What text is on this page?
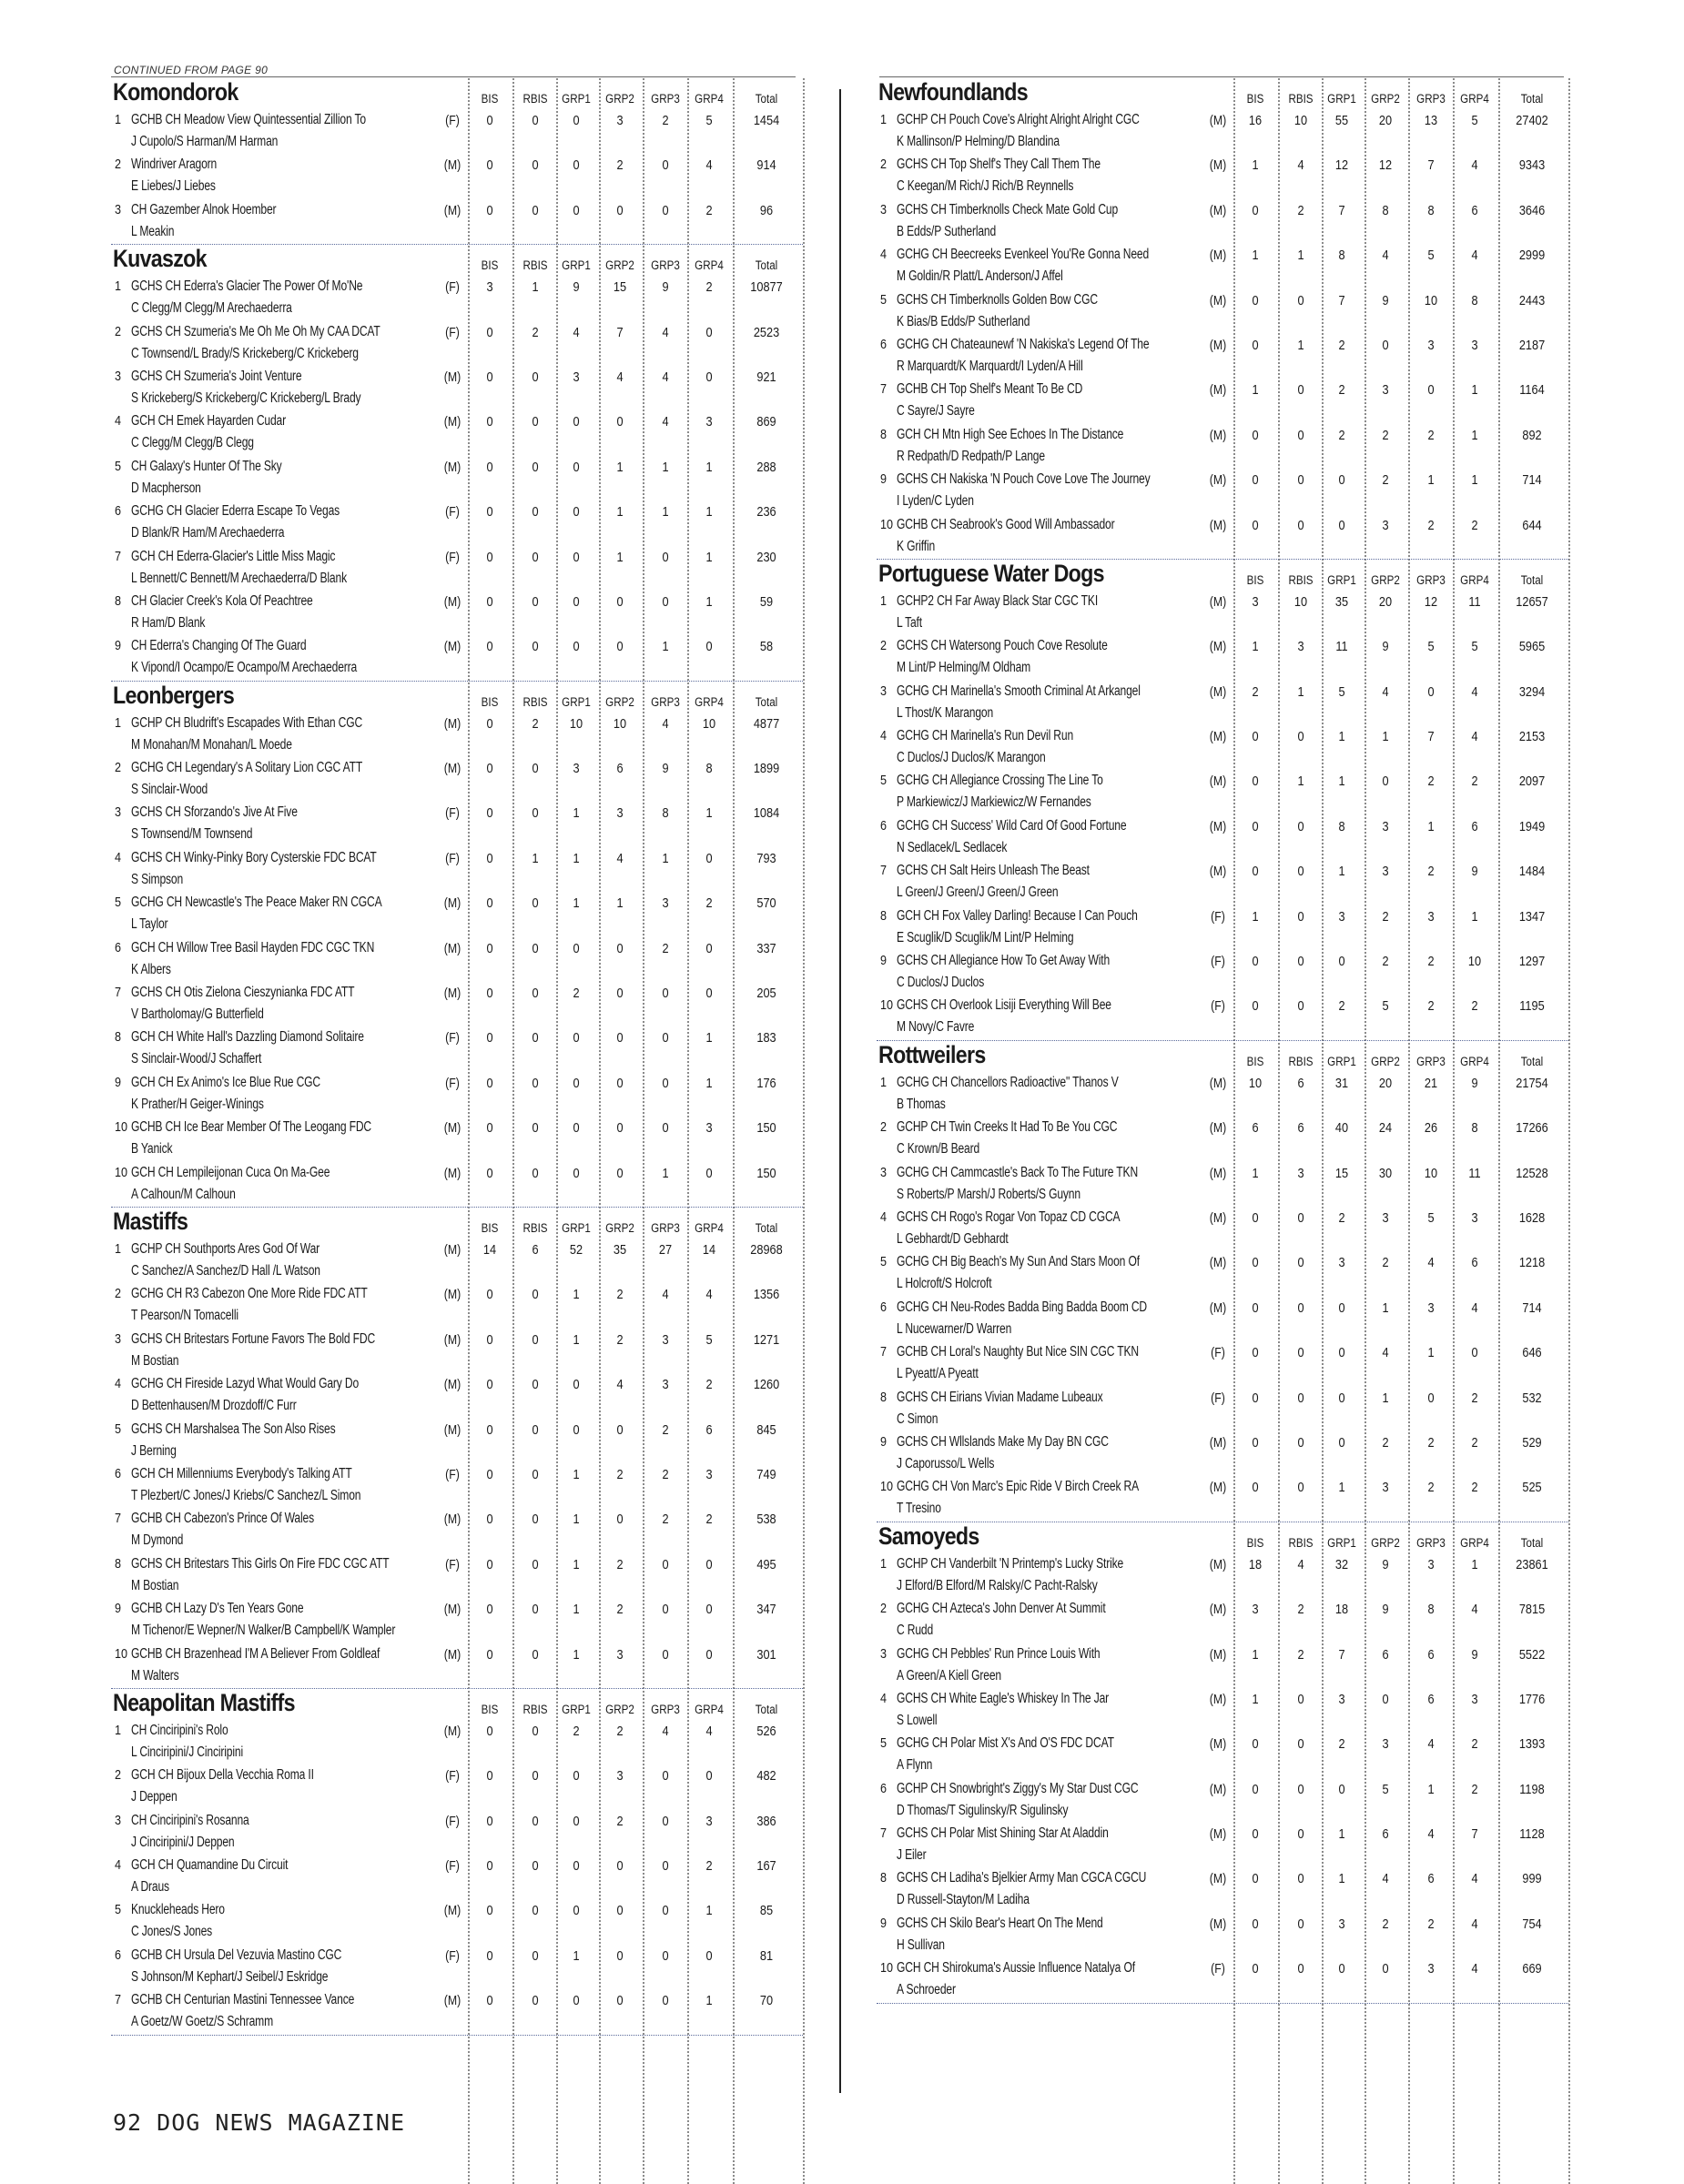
CONTINUED FROM PAGE 90
Komondorok	BIS	RBIS	GRP1	GRP2	GRP3	GRP4	Total
1 GCHB CH Meadow View Quintessential Zillion To
J Cupolo/S Harman/M Harman
(F)	0	0	0	3	2	5	1454
2 Windriver Aragorn
E Liebes/J Liebes
(M)	0	0	0	2	0	4	914
3 CH Gazember Alnok Hoember
L Meakin
(M)	0	0	0	0	0	2	96
Kuvaszok	BIS	RBIS	GRP1	GRP2	GRP3	GRP4	Total
1 GCHS CH Ederra's Glacier The Power Of Mo'Ne
C Clegg/M Clegg/M Arechaederra
(F)	3	1	9	15	9	2	10877
2 GCHS CH Szumeria's Me Oh Me Oh My CAA DCAT
C Townsend/L Brady/S Krickeberg/C Krickeberg
(F)	0	2	4	7	4	0	2523
3 GCHS CH Szumeria's Joint Venture
S Krickeberg/S Krickeberg/C Krickeberg/L Brady
(M)	0	0	3	4	4	0	921
4 GCH CH Emek Hayarden Cudar
C Clegg/M Clegg/B Clegg
(M)	0	0	0	0	4	3	869
5 CH Galaxy's Hunter Of The Sky
D Macpherson
(M)	0	0	0	1	1	1	288
6 GCHG CH Glacier Ederra Escape To Vegas
D Blank/R Ham/M Arechaederra
(F)	0	0	0	1	1	1	236
7 GCH CH Ederra-Glacier's Little Miss Magic
L Bennett/C Bennett/M Arechaederra/D Blank
(F)	0	0	0	1	0	1	230
8 CH Glacier Creek's Kola Of Peachtree
R Ham/D Blank
(M)	0	0	0	0	0	1	59
9 CH Ederra's Changing Of The Guard
K Vipond/I Ocampo/E Ocampo/M Arechaederra
(M)	0	0	0	0	1	0	58
Leonbergers	BIS	RBIS	GRP1	GRP2	GRP3	GRP4	Total
1 GCHP CH Bludrift's Escapades With Ethan CGC
M Monahan/M Monahan/L Moede
(M)	0	2	10	10	4	10	4877
2 GCHG CH Legendary's A Solitary Lion CGC ATT
S Sinclair-Wood
(M)	0	0	3	6	9	8	1899
3 GCHS CH Sforzando's Jive At Five
S Townsend/M Townsend
(F)	0	0	1	3	8	1	1084
4 GCHS CH Winky-Pinky Bory Cysterskie FDC BCAT
S Simpson
(F)	0	1	1	4	1	0	793
5 GCHG CH Newcastle's The Peace Maker RN CGCA
L Taylor
(M)	0	0	1	1	3	2	570
6 GCH CH Willow Tree Basil Hayden FDC CGC TKN
K Albers
(M)	0	0	0	0	2	0	337
7 GCHS CH Otis Zielona Cieszynianka FDC ATT
V Bartholomay/G Butterfield
(M)	0	0	2	0	0	0	205
8 GCH CH White Hall's Dazzling Diamond Solitaire
S Sinclair-Wood/J Schaffert
(F)	0	0	0	0	0	1	183
9 GCH CH Ex Animo's Ice Blue Rue CGC
K Prather/H Geiger-Winings
(F)	0	0	0	0	0	1	176
10 GCHB CH Ice Bear Member Of The Leogang FDC
B Yanick
(M)	0	0	0	0	0	3	150
10 GCH CH Lempileijonan Cuca On Ma-Gee
A Calhoun/M Calhoun
(M)	0	0	0	0	1	0	150
Mastiffs	BIS	RBIS	GRP1	GRP2	GRP3	GRP4	Total
1 GCHP CH Southports Ares God Of War
C Sanchez/A Sanchez/D Hall /L Watson
(M)	14	6	52	35	27	14	28968
2 GCHG CH R3 Cabezon One More Ride FDC ATT
T Pearson/N Tomacelli
(M)	0	0	1	2	4	4	1356
3 GCHS CH Britestars Fortune Favors The Bold FDC
M Bostian
(M)	0	0	1	2	3	5	1271
4 GCHG CH Fireside Lazyd What Would Gary Do
D Bettenhausen/M Drozdoff/C Furr
(M)	0	0	0	4	3	2	1260
5 GCHS CH Marshalsea The Son Also Rises
J Berning
(M)	0	0	0	0	2	6	845
6 GCH CH Millenniums Everybody's Talking ATT
T Plezbert/C Jones/J Kriebs/C Sanchez/L Simon
(F)	0	0	1	2	2	3	749
7 GCHB CH Cabezon's Prince Of Wales
M Dymond
(M)	0	0	1	0	2	2	538
8 GCHS CH Britestars This Girls On Fire FDC CGC ATT
M Bostian
(F)	0	0	1	2	0	0	495
9 GCHB CH Lazy D's Ten Years Gone
M Tichenor/E Wepner/N Walker/B Campbell/K Wampler
(M)	0	0	1	2	0	0	347
10 GCHB CH Brazenhead I'M A Believer From Goldleaf
M Walters
(M)	0	0	1	3	0	0	301
Neapolitan Mastiffs	BIS	RBIS	GRP1	GRP2	GRP3	GRP4	Total
1 CH Cinciripini's Rolo
L Cinciripini/J Cinciripini
(M)	0	0	2	2	4	4	526
2 GCH CH Bijoux Della Vecchia Roma II
J Deppen
(F)	0	0	0	3	0	0	482
3 CH Cinciripini's Rosanna
J Cinciripini/J Deppen
(F)	0	0	0	2	0	3	386
4 GCH CH Quamandine Du Circuit
A Draus
(F)	0	0	0	0	0	2	167
5 Knuckleheads Hero
C Jones/S Jones
(M)	0	0	0	0	0	1	85
6 GCHB CH Ursula Del Vezuvia Mastino CGC
S Johnson/M Kephart/J Seibel/J Eskridge
(F)	0	0	1	0	0	0	81
7 GCHB CH Centurian Mastini Tennessee Vance
A Goetz/W Goetz/S Schramm
(M)	0	0	0	0	0	1	70
Newfoundlands	BIS	RBIS	GRP1	GRP2	GRP3	GRP4	Total
1 GCHP CH Pouch Cove's Alright Alright Alright CGC
K Mallinson/P Helming/D Blandina
(M)	16	10	55	20	13	5	27402
2 GCHS CH Top Shelf's They Call Them The
C Keegan/M Rich/J Rich/B Reynnells
(M)	1	4	12	12	7	4	9343
3 GCHS CH Timberknolls Check Mate Gold Cup
B Edds/P Sutherland
(M)	0	2	7	8	8	6	3646
4 GCHG CH Beecreeks Evenkeel You'Re Gonna Need
M Goldin/R Platt/L Anderson/J Affel
(M)	1	1	8	4	5	4	2999
5 GCHS CH Timberknolls Golden Bow CGC
K Bias/B Edds/P Sutherland
(M)	0	0	7	9	10	8	2443
6 GCHG CH Chateaunewf 'N Nakiska's Legend Of The
R Marquardt/K Marquardt/I Lyden/A Hill
(M)	0	1	2	0	3	3	2187
7 GCHB CH Top Shelf's Meant To Be CD
C Sayre/J Sayre
(M)	1	0	2	3	0	1	1164
8 GCH CH Mtn High See Echoes In The Distance
R Redpath/D Redpath/P Lange
(M)	0	0	2	2	2	1	892
9 GCHS CH Nakiska 'N Pouch Cove Love The Journey
I Lyden/C Lyden
(M)	0	0	0	2	1	1	714
10 GCHB CH Seabrook's Good Will Ambassador
K Griffin
(M)	0	0	0	3	2	2	644
Portuguese Water Dogs	BIS	RBIS	GRP1	GRP2	GRP3	GRP4	Total
1 GCHP2 CH Far Away Black Star CGC TKI
L Taft
(M)	3	10	35	20	12	11	12657
2 GCHS CH Watersong Pouch Cove Resolute
M Lint/P Helming/M Oldham
(M)	1	3	11	9	5	5	5965
3 GCHG CH Marinella's Smooth Criminal At Arkangel
L Thost/K Marangon
(M)	2	1	5	4	0	4	3294
4 GCHG CH Marinella's Run Devil Run
C Duclos/J Duclos/K Marangon
(M)	0	0	1	1	7	4	2153
5 GCHG CH Allegiance Crossing The Line To
P Markiewicz/J Markiewicz/W Fernandes
(M)	0	1	1	0	2	2	2097
6 GCHG CH Success' Wild Card Of Good Fortune
N Sedlacek/L Sedlacek
(M)	0	0	8	3	1	6	1949
7 GCHS CH Salt Heirs Unleash The Beast
L Green/J Green/J Green/J Green
(M)	0	0	1	3	2	9	1484
8 GCH CH Fox Valley Darling! Because I Can Pouch
E Scuglik/D Scuglik/M Lint/P Helming
(F)	1	0	3	2	3	1	1347
9 GCHS CH Allegiance How To Get Away With
C Duclos/J Duclos
(F)	0	0	0	2	2	10	1297
10 GCHS CH Overlook Lisiji Everything Will Bee
M Novy/C Favre
(F)	0	0	2	5	2	2	1195
Rottweilers	BIS	RBIS	GRP1	GRP2	GRP3	GRP4	Total
1 GCHG CH Chancellors Radioactive" Thanos V
B Thomas
(M)	10	6	31	20	21	9	21754
2 GCHP CH Twin Creeks It Had To Be You CGC
C Krown/B Beard
(M)	6	6	40	24	26	8	17266
3 GCHG CH Cammcastle's Back To The Future TKN
S Roberts/P Marsh/J Roberts/S Guynn
(M)	1	3	15	30	10	11	12528
4 GCHS CH Rogo's Rogar Von Topaz CD CGCA
L Gebhardt/D Gebhardt
(M)	0	0	2	3	5	3	1628
5 GCHG CH Big Beach's My Sun And Stars Moon Of
L Holcroft/S Holcroft
(M)	0	0	3	2	4	6	1218
6 GCHG CH Neu-Rodes Badda Bing Badda Boom CD
L Nucewarner/D Warren
(M)	0	0	0	1	3	4	714
7 GCHB CH Loral's Naughty But Nice SIN CGC TKN
L Pyeatt/A Pyeatt
(F)	0	0	0	4	1	0	646
8 GCHS CH Eirians Vivian Madame Lubeaux
C Simon
(F)	0	0	0	1	0	2	532
9 GCHS CH Wllslands Make My Day BN CGC
J Caporusso/L Wells
(M)	0	0	0	2	2	2	529
10 GCHG CH Von Marc's Epic Ride V Birch Creek RA
T Tresino
(M)	0	0	1	3	2	2	525
Samoyeds	BIS	RBIS	GRP1	GRP2	GRP3	GRP4	Total
1 GCHP CH Vanderbilt 'N Printemp's Lucky Strike
J Elford/B Elford/M Ralsky/C Pacht-Ralsky
(M)	18	4	32	9	3	1	23861
2 GCHG CH Azteca's John Denver At Summit
C Rudd
(M)	3	2	18	9	8	4	7815
3 GCHG CH Pebbles' Run Prince Louis With
A Green/A Kiell Green
(M)	1	2	7	6	6	9	5522
4 GCHS CH White Eagle's Whiskey In The Jar
S Lowell
(M)	1	0	3	0	6	3	1776
5 GCHG CH Polar Mist X's And O'S FDC DCAT
A Flynn
(M)	0	0	2	3	4	2	1393
6 GCHP CH Snowbright's Ziggy's My Star Dust CGC
D Thomas/T Sigulinsky/R Sigulinsky
(M)	0	0	0	5	1	2	1198
7 GCHS CH Polar Mist Shining Star At Aladdin
J Eiler
(M)	0	0	1	6	4	7	1128
8 GCHS CH Ladiha's Bjelkier Army Man CGCA CGCU
D Russell-Stayton/M Ladiha
(M)	0	0	1	4	6	4	999
9 GCHS CH Skilo Bear's Heart On The Mend
H Sullivan
(M)	0	0	3	2	2	4	754
10 GCH CH Shirokuma's Aussie Influence Natalya Of
A Schroeder
(F)	0	0	0	0	3	4	669
92 DOG NEWS MAGAZINE
